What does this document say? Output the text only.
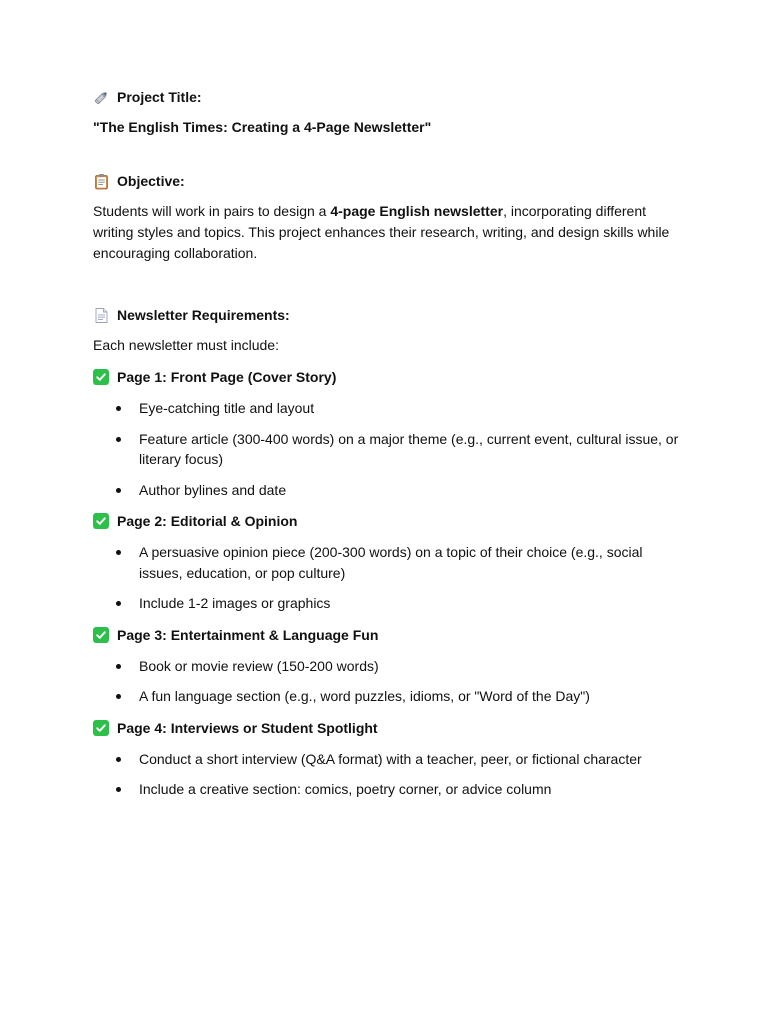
Project Title:
"The English Times: Creating a 4-Page Newsletter"
Objective:

Students will work in pairs to design a 4-page English newsletter, incorporating different writing styles and topics. This project enhances their research, writing, and design skills while encouraging collaboration.

Newsletter Requirements:

Each newsletter must include:

Page 1: Front Page (Cover Story)
Eye-catching title and layout
Feature article (300-400 words) on a major theme (e.g., current event, cultural issue, or literary focus)
Author bylines and date
Page 2: Editorial & Opinion
A persuasive opinion piece (200-300 words) on a topic of their choice (e.g., social issues, education, or pop culture)
Include 1-2 images or graphics
Page 3: Entertainment & Language Fun
Book or movie review (150-200 words)
A fun language section (e.g., word puzzles, idioms, or "Word of the Day")
Page 4: Interviews or Student Spotlight
Conduct a short interview (Q&A format) with a teacher, peer, or fictional character
Include a creative section: comics, poetry corner, or advice column
